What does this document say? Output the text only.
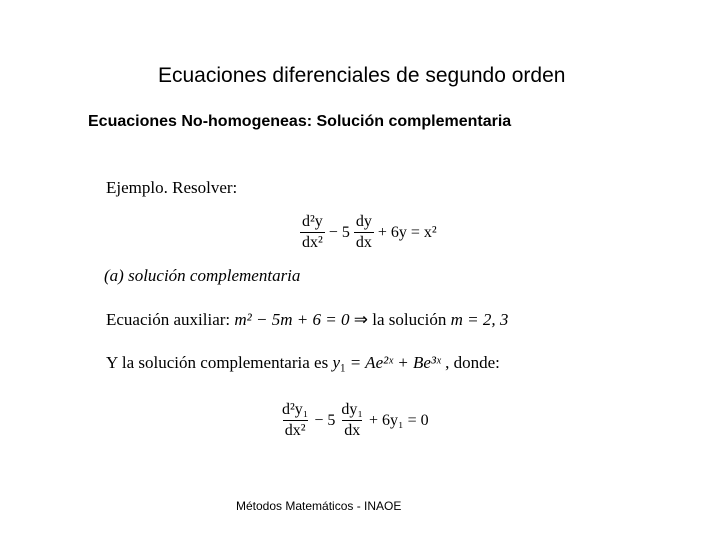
Ecuaciones diferenciales de segundo orden
Ecuaciones No-homogeneas: Solución complementaria
Ejemplo. Resolver:
$\frac{\text{d²y}}{\text{dx²}} - 5 \frac{dy}{dx} + 6y = x^2$
(a) solución complementaria
Ecuación auxiliar: m² − 5m + 6 = 0 ⇒ la solución m = 2, 3
Y la solución complementaria es $y_1$ = Ae²ˣ + Be³ˣ , donde:
$\frac{\text{d²y₁}}{\text{dx²}} - 5 \frac{\text{dy₁}}{dx} + 6y_1 = 0$
Métodos Matemáticos - INAOE
